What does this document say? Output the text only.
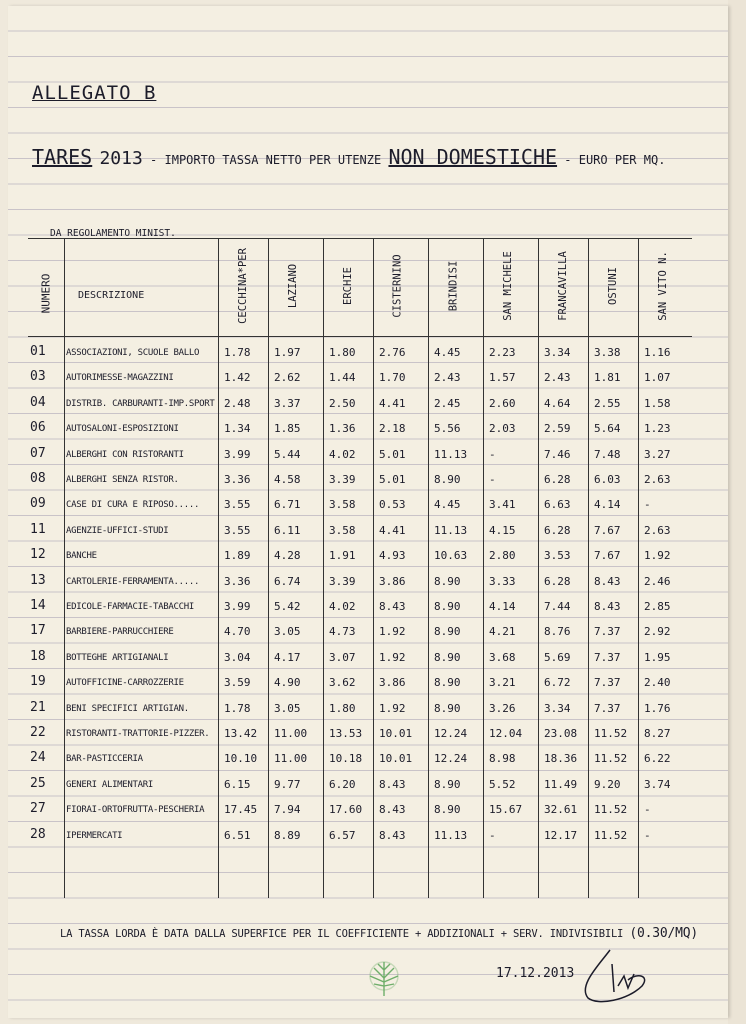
ALLEGATO B
TARES 2013 - IMPORTO TASSA NETTO PER UTENZE NON DOMESTICHE - EURO PER MQ.
DA REGOLAMENTO MINIST.
NUMERO	DESCRIZIONE	CECCHINA*PER	LAZIANO	ERCHIE	CISTERNINO	BRINDISI	SAN MICHELE	FRANCAVILLA	OSTUNI	SAN VITO N.
01 ASSOCIAZIONI, SCUOLE BALLO	1.78 1.97	1.80 2.76	4.45	2.23	3.34 3.38 1.16
03 AUTORIMESSE-MAGAZZINI	1.42 2.62	1.44 1.70	2.43	1.57	2.43 1.81 1.07
04 DISTRIB. CARBURANTI-IMP.SPORT 2.48 3.37	2.50 4.41	2.45	2.60	4.64 2.55 1.58
06 AUTOSALONI-ESPOSIZIONI	1.34 1.85	1.36 2.18	5.56	2.03	2.59 5.64 1.23
07 ALBERGHI CON RISTORANTI	3.99 5.44	4.02 5.01	11.13 -	7.46 7.48 3.27
08 ALBERGHI SENZA RISTOR.	3.36 4.58	3.39 5.01	8.90	-	6.28 6.03 2.63
09 CASE DI CURA E RIPOSO.....	3.55 6.71	3.58 0.53	4.45	3.41	6.63 4.14 -
11 AGENZIE-UFFICI-STUDI	3.55 6.11	3.58 4.41	11.13 4.15	6.28 7.67 2.63
12 BANCHE	1.89 4.28	1.91 4.93	10.63 2.80	3.53 7.67 1.92
13 CARTOLERIE-FERRAMENTA.....	3.36 6.74	3.39 3.86	8.90	3.33	6.28 8.43 2.46
14 EDICOLE-FARMACIE-TABACCHI	3.99 5.42	4.02 8.43	8.90	4.14	7.44 8.43 2.85
17 BARBIERE-PARRUCCHIERE	4.70 3.05	4.73 1.92	8.90	4.21	8.76 7.37 2.92
18 BOTTEGHE ARTIGIANALI	3.04 4.17	3.07 1.92	8.90	3.68	5.69 7.37 1.95
19 AUTOFFICINE-CARROZZERIE	3.59 4.90	3.62 3.86	8.90	3.21	6.72 7.37 2.40
21 BENI SPECIFICI ARTIGIAN.	1.78 3.05	1.80 1.92	8.90	3.26	3.34 7.37 1.76
22 RISTORANTI-TRATTORIE-PIZZER.	13.42 11.00 13.53 10.01 12.24 12.04 23.08 11.52 8.27
24 BAR-PASTICCERIA	10.10 11.00 10.18 10.01 12.24 8.98	18.36 11.52 6.22
25 GENERI ALIMENTARI	6.15 9.77	6.20 8.43	8.90	5.52	11.49 9.20 3.74
27 FIORAI-ORTOFRUTTA-PESCHERIA	17.45 7.94	17.60 8.43	8.90	15.67 32.61 11.52 -
28 IPERMERCATI	6.51 8.89	6.57 8.43	11.13 -	12.17 11.52 -
LA TASSA LORDA È DATA DALLA SUPERFICE PER IL COEFFICIENTE + ADDIZIONALI + SERV. INDIVISIBILI (0.30/MQ)
17.12.2013
